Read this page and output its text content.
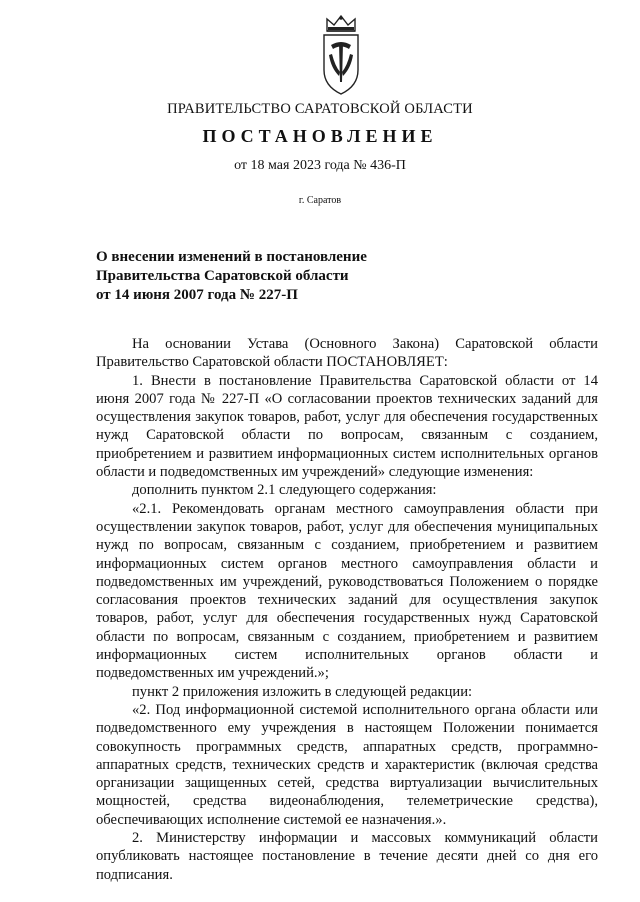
ПРАВИТЕЛЬСТВО САРАТОВСКОЙ ОБЛАСТИ
ПОСТАНОВЛЕНИЕ
от 18 мая 2023 года № 436-П
г. Саратов
О внесении изменений в постановление
Правительства Саратовской области
от 14 июня 2007 года № 227-П

На основании Устава (Основного Закона) Саратовской области Правительство Саратовской области ПОСТАНОВЛЯЕТ:

1. Внести в постановление Правительства Саратовской области от 14 июня 2007 года № 227-П «О согласовании проектов технических заданий для осуществления закупок товаров, работ, услуг для обеспечения государственных нужд Саратовской области по вопросам, связанным с созданием, приобретением и развитием информационных систем исполнительных органов области и подведомственных им учреждений» следующие изменения:

дополнить пунктом 2.1 следующего содержания:

«2.1. Рекомендовать органам местного самоуправления области при осуществлении закупок товаров, работ, услуг для обеспечения муниципальных нужд по вопросам, связанным с созданием, приобретением и развитием информационных систем органов местного самоуправления области и подведомственных им учреждений, руководствоваться Положением о порядке согласования проектов технических заданий для осуществления закупок товаров, работ, услуг для обеспечения государственных нужд Саратовской области по вопросам, связанным с созданием, приобретением и развитием информационных систем исполнительных органов области и подведомственных им учреждений.»;

пункт 2 приложения изложить в следующей редакции:

«2. Под информационной системой исполнительного органа области или подведомственного ему учреждения в настоящем Положении понимается совокупность программных средств, аппаратных средств, программно-аппаратных средств, технических средств и характеристик (включая средства организации защищенных сетей, средства виртуализации вычислительных мощностей, средства видеонаблюдения, телеметрические средства), обеспечивающих исполнение системой ее назначения.».

2. Министерству информации и массовых коммуникаций области опубликовать настоящее постановление в течение десяти дней со дня его подписания.
